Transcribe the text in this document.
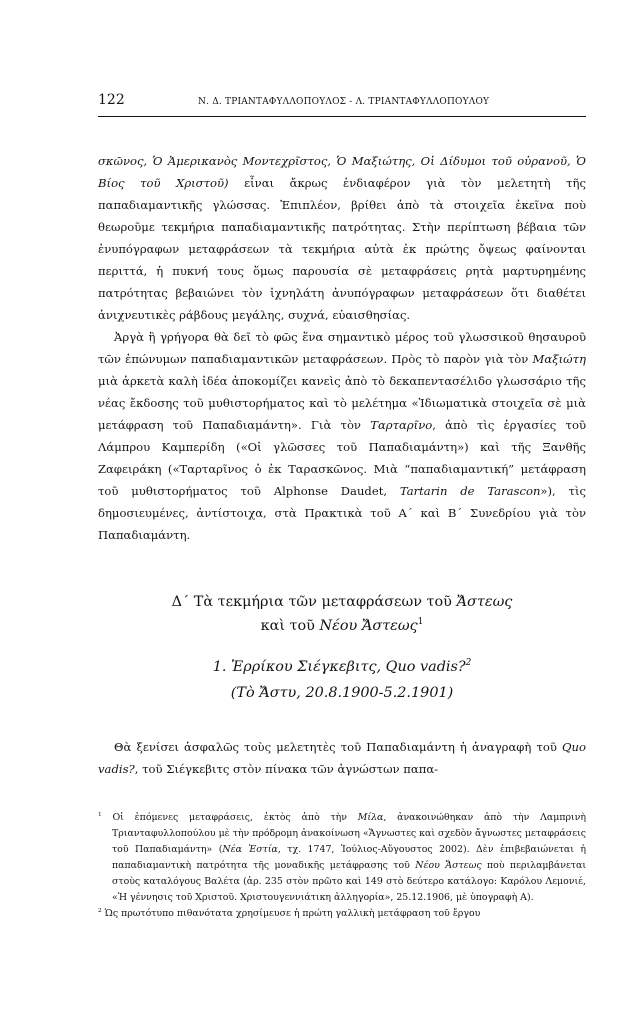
122	Ν. Δ. ΤΡΙΑΝΤΑΦΥΛΛΟΠΟΥΛΟΣ - Λ. ΤΡΙΑΝΤΑΦΥΛΛΟΠΟΥΛΟΥ

σκῶνος, Ὁ Ἀμερικανὸς Μοντεχρῖστος, Ὁ Μαξιώτης, Οἱ Δίδυμοι τοῦ οὐρανοῦ, Ὁ Βίος τοῦ Χριστοῦ) εἶναι ἄκρως ἐνδιαφέρον γιὰ τὸν μελετητὴ τῆς παπαδιαμαντικῆς γλώσσας. Ἐπιπλέον, βρίθει ἀπὸ τὰ στοιχεῖα ἐκεῖνα ποὺ θεωροῦμε τεκμήρια παπαδιαμαντικῆς πατρότητας. Στὴν περίπτωση βέβαια τῶν ἐνυπόγραφων μεταφράσεων τὰ τεκμήρια αὐτὰ ἐκ πρώτης ὄψεως φαίνονται περιττά, ἡ πυκνή τους ὅμως παρουσία σὲ μεταφράσεις ρητὰ μαρτυρημένης πατρότητας βεβαιώνει τὸν ἰχνηλάτη ἀνυπόγραφων μεταφράσεων ὅτι διαθέτει ἀνιχνευτικὲς ράβδους μεγάλης, συχνά, εὐαισθησίας.

Ἀργὰ ἢ γρήγορα θὰ δεῖ τὸ φῶς ἕνα σημαντικὸ μέρος τοῦ γλωσσικοῦ θησαυροῦ τῶν ἐπώνυμων παπαδιαμαντικῶν μεταφράσεων. Πρὸς τὸ παρὸν γιὰ τὸν Μαξιώτη μιὰ ἀρκετὰ καλὴ ἰδέα ἀποκομίζει κανεὶς ἀπὸ τὸ δεκαπεντασέλιδο γλωσσάριο τῆς νέας ἔκδοσης τοῦ μυθιστορήματος καὶ τὸ μελέτημα «Ἰδιωματικὰ στοιχεῖα σὲ μιὰ μετάφραση τοῦ Παπαδιαμάντη». Γιὰ τὸν Ταρταρῖνο, ἀπὸ τὶς ἐργασίες τοῦ Λάμπρου Καμπερίδη («Οἱ γλῶσσες τοῦ Παπαδιαμάντη») καὶ τῆς Ξανθῆς Ζαφειράκη («Ταρταρῖνος ὁ ἐκ Ταρασκῶνος. Μιὰ “παπαδιαμαντική” μετάφραση τοῦ μυθιστορήματος τοῦ Alphonse Daudet, Tartarin de Tarascon»), τὶς δημοσιευμένες, ἀντίστοιχα, στὰ Πρακτικὰ τοῦ Α΄ καὶ Β΄ Συνεδρίου γιὰ τὸν Παπαδιαμάντη.

Δ΄ Τὰ τεκμήρια τῶν μεταφράσεων τοῦ Ἄστεως
καὶ τοῦ Νέου Ἄστεως$^1$
1. Ἐρρίκου Σιέγκεβιτς, Quo vadis?$^2$
(Τὸ Ἄστυ, 20.8.1900-5.2.1901)

Θὰ ξενίσει ἀσφαλῶς τοὺς μελετητὲς τοῦ Παπαδιαμάντη ἡ ἀναγραφὴ τοῦ Quo vadis?, τοῦ Σιέγκεβιτς στὸν πίνακα τῶν ἀγνώστων παπα-

$^1$ Οἱ ἑπόμενες μεταφράσεις, ἐκτὸς ἀπὸ τὴν Μίλα, ἀνακοινώθηκαν ἀπὸ τὴν Λαμπρινὴ Τριανταφυλλοπούλου μὲ τὴν πρόδρομη ἀνακοίνωση «Ἄγνωστες καὶ σχεδὸν ἄγνωστες μεταφράσεις τοῦ Παπαδιαμάντη» (Νέα Ἑστία, τχ. 1747, Ἰούλιος-Αὔγουστος 2002). Δὲν ἐπιβεβαιώνεται ἡ παπαδιαμαντικὴ πατρότητα τῆς μοναδικῆς μετάφρασης τοῦ Νέου Ἄστεως ποὺ περιλαμβάνεται στοὺς καταλόγους Βαλέτα (ἀρ. 235 στὸν πρῶτο καὶ 149 στὸ δεύτερο κατάλογο: Καρόλου Λεμονιέ, «Ἡ γέννησις τοῦ Χριστοῦ. Χριστουγεννιάτικη ἀλληγορία», 25.12.1906, μὲ ὑπογραφὴ Α).

$^2$ Ὡς πρωτότυπο πιθανότατα χρησίμευσε ἡ πρώτη γαλλικὴ μετάφραση τοῦ ἔργου
